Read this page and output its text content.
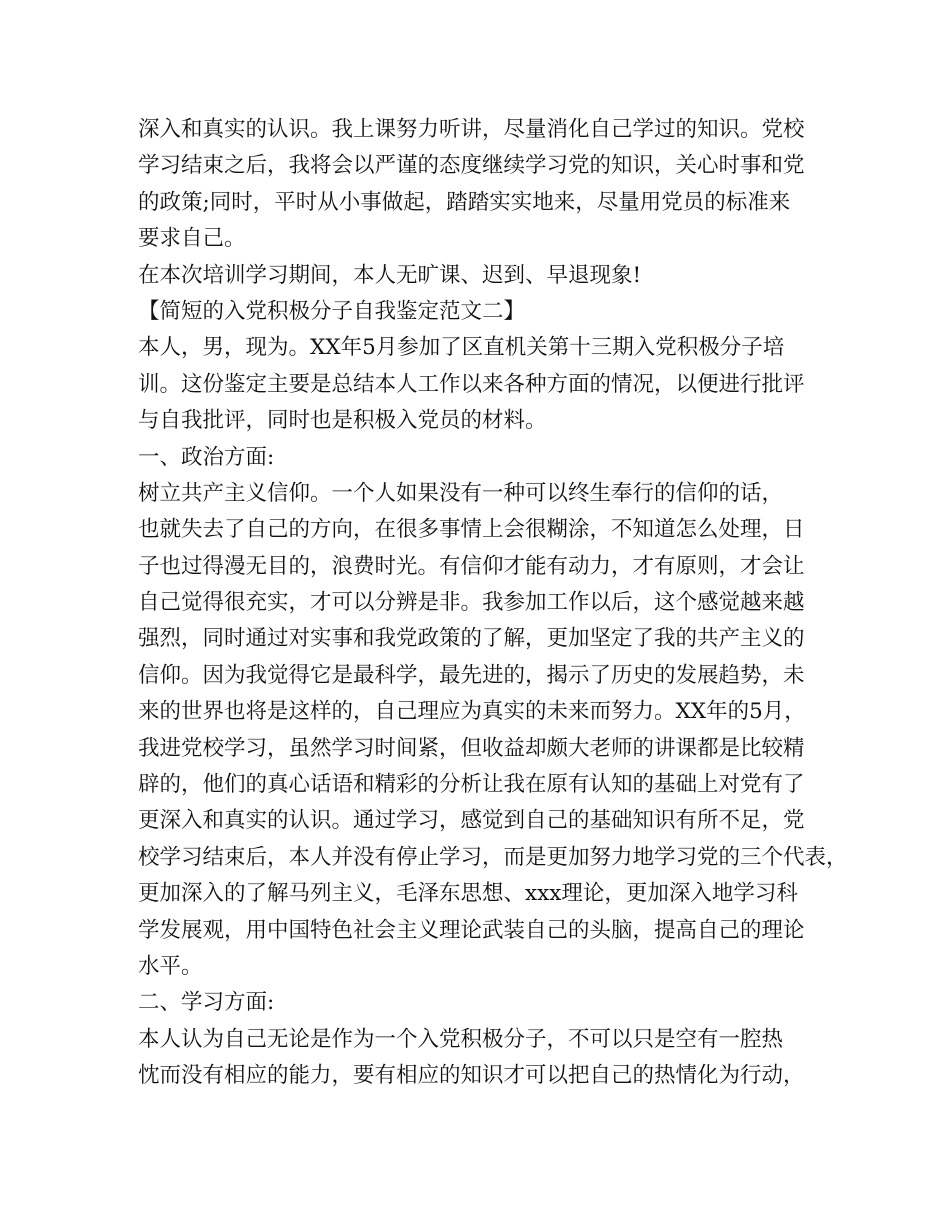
深入和真实的认识。我上课努力听讲，尽量消化自己学过的知识。党校
学习结束之后，我将会以严谨的态度继续学习党的知识，关心时事和党
的政策;同时，平时从小事做起，踏踏实实地来，尽量用党员的标准来
要求自己。
在本次培训学习期间，本人无旷课、迟到、早退现象!
【简短的入党积极分子自我鉴定范文二】
本人，男，现为。XX年5月参加了区直机关第十三期入党积极分子培
训。这份鉴定主要是总结本人工作以来各种方面的情况，以便进行批评
与自我批评，同时也是积极入党员的材料。
一、政治方面:
树立共产主义信仰。一个人如果没有一种可以终生奉行的信仰的话，
也就失去了自己的方向，在很多事情上会很糊涂，不知道怎么处理，日
子也过得漫无目的，浪费时光。有信仰才能有动力，才有原则，才会让
自己觉得很充实，才可以分辨是非。我参加工作以后，这个感觉越来越
强烈，同时通过对实事和我党政策的了解，更加坚定了我的共产主义的
信仰。因为我觉得它是最科学，最先进的，揭示了历史的发展趋势，未
来的世界也将是这样的，自己理应为真实的未来而努力。XX年的5月，
我进党校学习，虽然学习时间紧，但收益却颇大老师的讲课都是比较精
辟的，他们的真心话语和精彩的分析让我在原有认知的基础上对党有了
更深入和真实的认识。通过学习，感觉到自己的基础知识有所不足，党
校学习结束后，本人并没有停止学习，而是更加努力地学习党的三个代表，
更加深入的了解马列主义，毛泽东思想、xxx理论，更加深入地学习科
学发展观，用中国特色社会主义理论武装自己的头脑，提高自己的理论
水平。
二、学习方面:
本人认为自己无论是作为一个入党积极分子，不可以只是空有一腔热
忱而没有相应的能力，要有相应的知识才可以把自己的热情化为行动，
